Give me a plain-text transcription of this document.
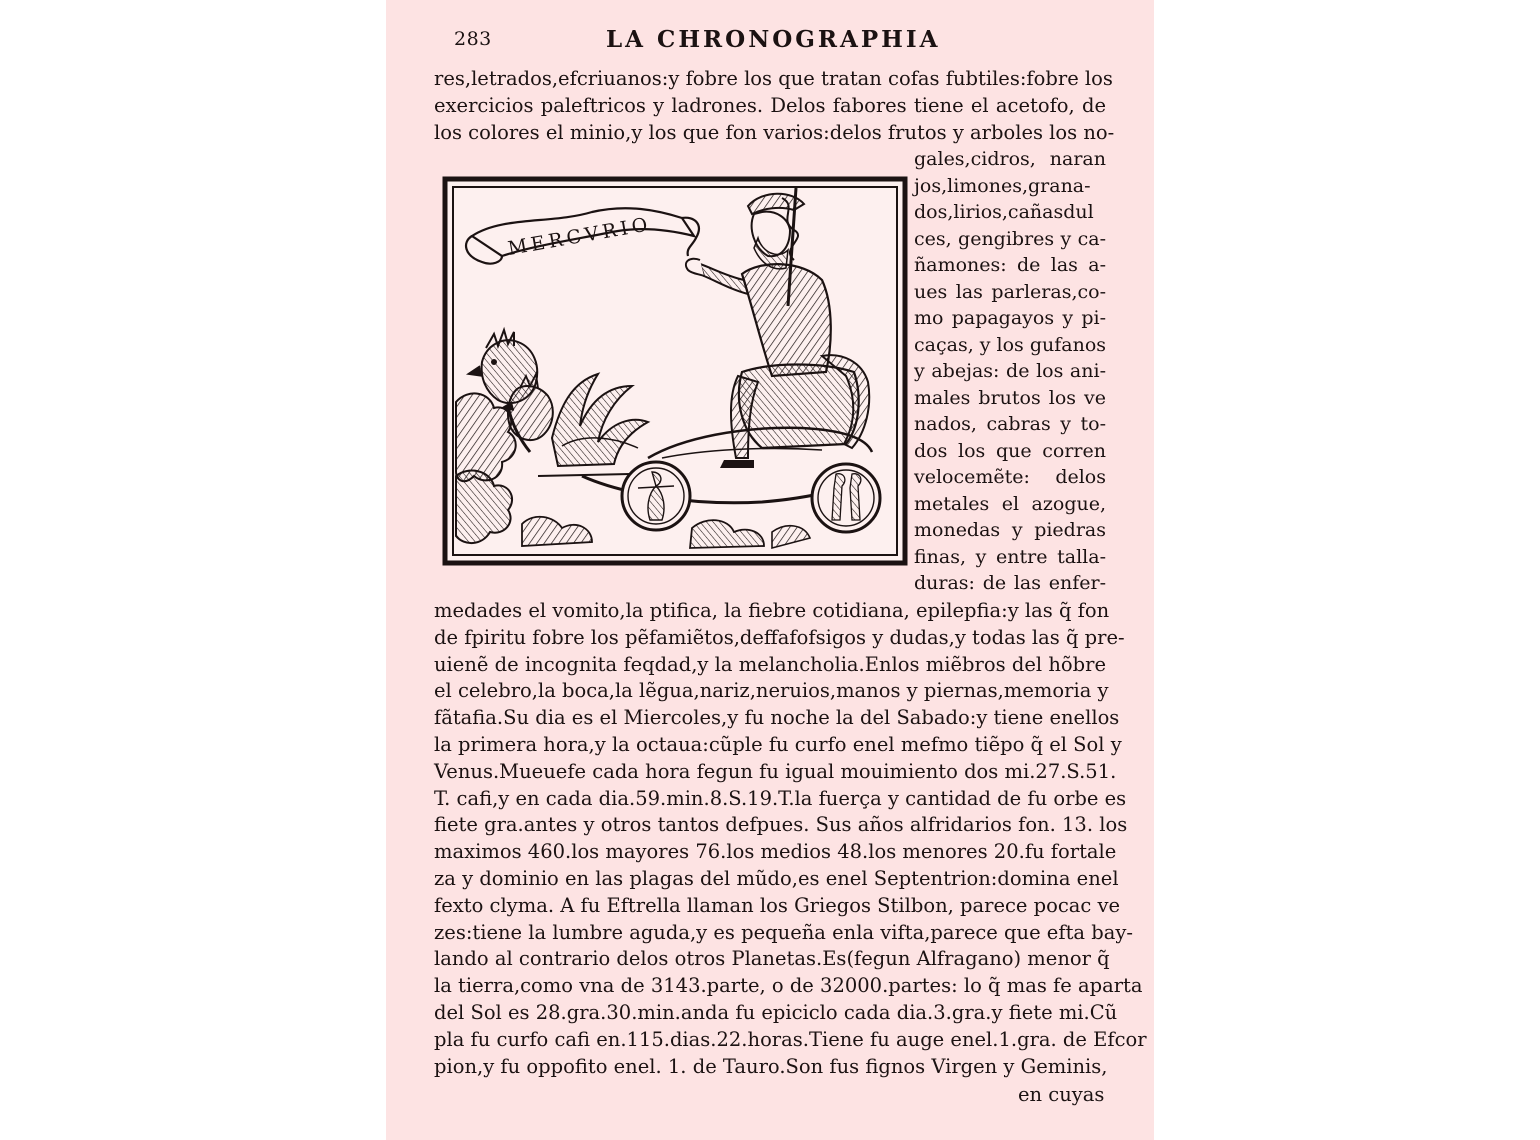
283	LA CHRONOGRAPHIA
res,letrados,efcriuanos:y fobre los que tratan cofas fubtiles:fobre los
exercicios paleftricos y ladrones. Delos fabores tiene el acetofo, de
los colores el minio,y los que fon varios:delos frutos y arboles los no-
gales,cidros, naran
jos,limones,grana-
dos,lirios,cañasdul
ces, gengibres y ca-
ñamones: de las a-
ues las parleras,co-
mo papagayos y pi-
caças, y los gufanos
y abejas: de los ani-
males brutos los ve
nados, cabras y to-
dos los que corren
velocemẽte: delos
metales el azogue,
monedas y piedras
finas, y entre talla-
duras: de las enfer-
MERCVRIO
medades el vomito,la ptifica, la fiebre cotidiana, epilepfia:y las q̃ fon
de fpiritu fobre los pẽfamiẽtos,deffafofsigos y dudas,y todas las q̃ pre-
uienẽ de incognita feqdad,y la melancholia.Enlos miẽbros del hõbre
el celebro,la boca,la lẽgua,nariz,neruios,manos y piernas,memoria y
fãtafia.Su dia es el Miercoles,y fu noche la del Sabado:y tiene enellos
la primera hora,y la octaua:cũple fu curfo enel mefmo tiẽpo q̃ el Sol y
Venus.Mueuefe cada hora fegun fu igual mouimiento dos mi.27.S.51.
T. cafi,y en cada dia.59.min.8.S.19.T.la fuerça y cantidad de fu orbe es
fiete gra.antes y otros tantos defpues. Sus años alfridarios fon. 13. los
maximos 460.los mayores 76.los medios 48.los menores 20.fu fortale
za y dominio en las plagas del mũdo,es enel Septentrion:domina enel
fexto clyma. A fu Eftrella llaman los Griegos Stilbon, parece pocac ve
zes:tiene la lumbre aguda,y es pequeña enla vifta,parece que efta bay-
lando al contrario delos otros Planetas.Es(fegun Alfragano) menor q̃
la tierra,como vna de 3143.parte, o de 32000.partes: lo q̃ mas fe aparta
del Sol es 28.gra.30.min.anda fu epiciclo cada dia.3.gra.y fiete mi.Cũ
pla fu curfo cafi en.115.dias.22.horas.Tiene fu auge enel.1.gra. de Efcor
pion,y fu oppofito enel. 1. de Tauro.Son fus fignos Virgen y Geminis,
en cuyas
